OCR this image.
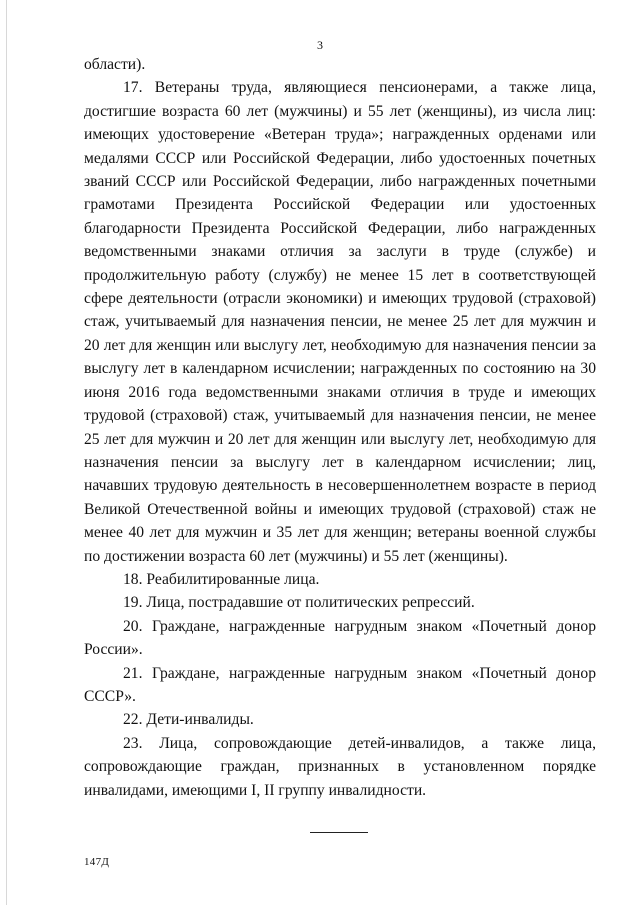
3

области).

17. Ветераны труда, являющиеся пенсионерами, а также лица, достигшие возраста 60 лет (мужчины) и 55 лет (женщины), из числа лиц: имеющих удостоверение «Ветеран труда»; награжденных орденами или медалями СССР или Российской Федерации, либо удостоенных почетных званий СССР или Российской Федерации, либо награжденных почетными грамотами Президента Российской Федерации или удостоенных благодарности Президента Российской Федерации, либо награжденных ведомственными знаками отличия за заслуги в труде (службе) и продолжительную работу (службу) не менее 15 лет в соответствующей сфере деятельности (отрасли экономики) и имеющих трудовой (страховой) стаж, учитываемый для назначения пенсии, не менее 25 лет для мужчин и 20 лет для женщин или выслугу лет, необходимую для назначения пенсии за выслугу лет в календарном исчислении; награжденных по состоянию на 30 июня 2016 года ведомственными знаками отличия в труде и имеющих трудовой (страховой) стаж, учитываемый для назначения пенсии, не менее 25 лет для мужчин и 20 лет для женщин или выслугу лет, необходимую для назначения пенсии за выслугу лет в календарном исчислении; лиц, начавших трудовую деятельность в несовершеннолетнем возрасте в период Великой Отечественной войны и имеющих трудовой (страховой) стаж не менее 40 лет для мужчин и 35 лет для женщин; ветераны военной службы по достижении возраста 60 лет (мужчины) и 55 лет (женщины).

18. Реабилитированные лица.

19. Лица, пострадавшие от политических репрессий.

20. Граждане, награжденные нагрудным знаком «Почетный донор России».

21. Граждане, награжденные нагрудным знаком «Почетный донор СССР».

22. Дети-инвалиды.

23. Лица, сопровождающие детей-инвалидов, а также лица, сопровождающие граждан, признанных в установленном порядке инвалидами, имеющими I, II группу инвалидности.

147Д
